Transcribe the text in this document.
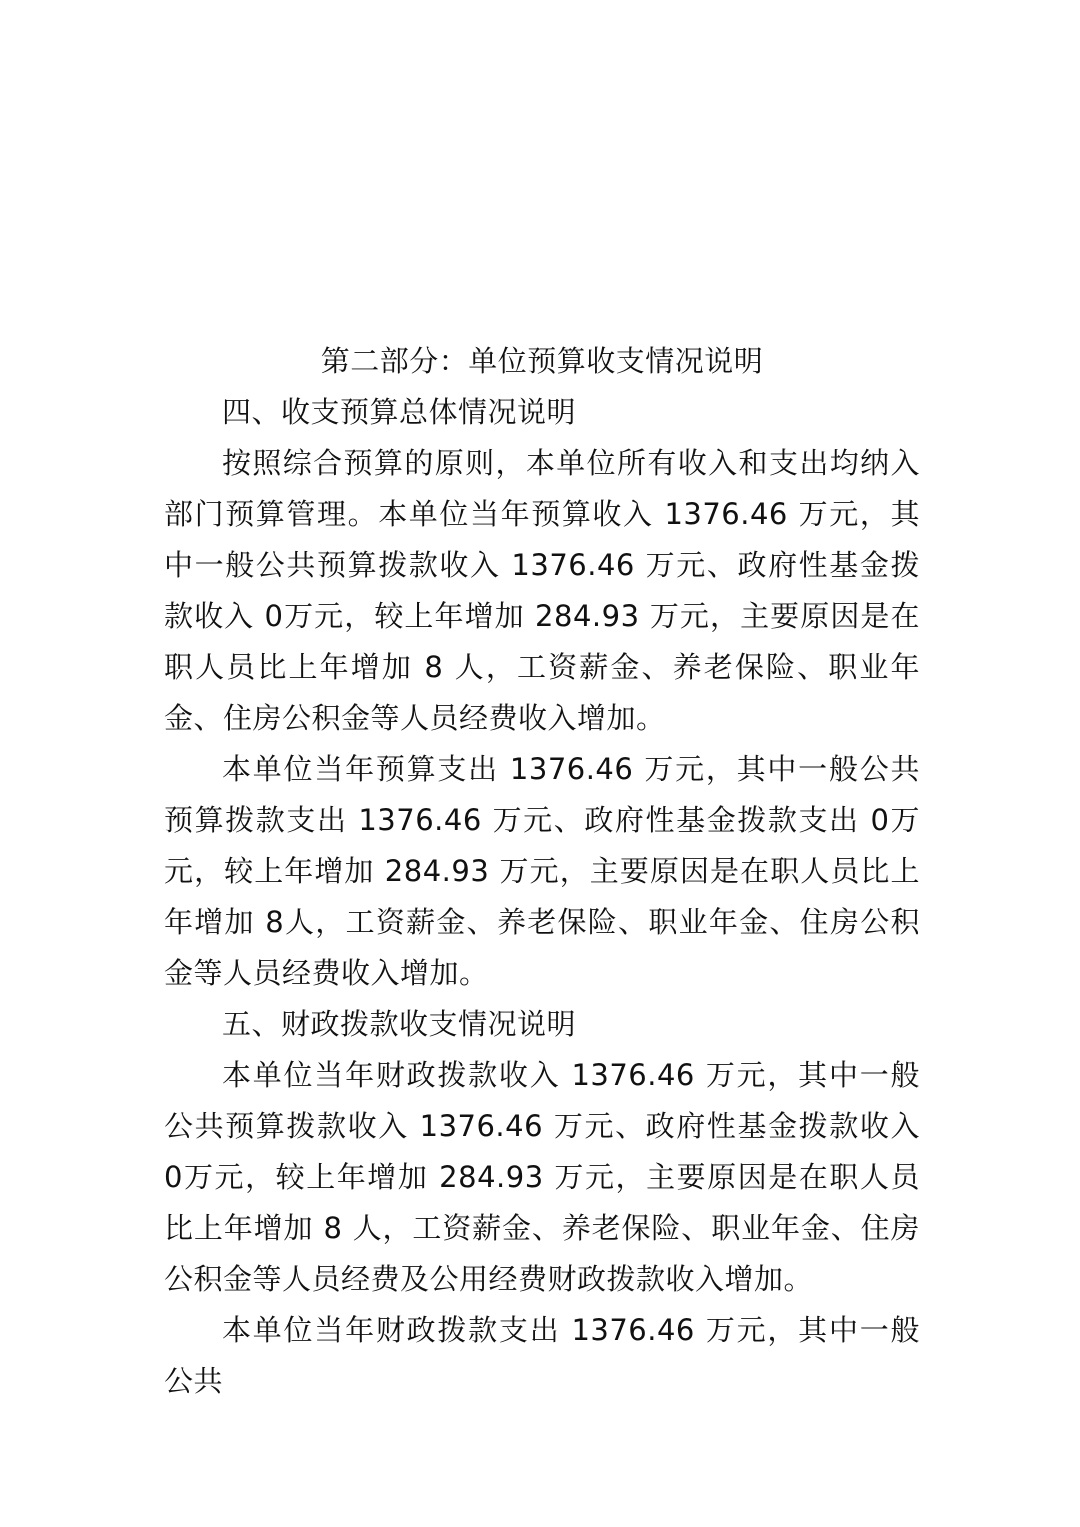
第二部分：单位预算收支情况说明

四、收支预算总体情况说明

按照综合预算的原则，本单位所有收入和支出均纳入部门预算管理。本单位当年预算收入 1376.46 万元，其中一般公共预算拨款收入 1376.46 万元、政府性基金拨款收入 0万元，较上年增加 284.93 万元，主要原因是在职人员比上年增加 8 人，工资薪金、养老保险、职业年金、住房公积金等人员经费收入增加。

本单位当年预算支出 1376.46 万元，其中一般公共预算拨款支出 1376.46 万元、政府性基金拨款支出 0万元，较上年增加 284.93 万元，主要原因是在职人员比上年增加 8人，工资薪金、养老保险、职业年金、住房公积金等人员经费收入增加。

五、财政拨款收支情况说明

本单位当年财政拨款收入 1376.46 万元，其中一般公共预算拨款收入 1376.46 万元、政府性基金拨款收入 0万元，较上年增加 284.93 万元，主要原因是在职人员比上年增加 8 人，工资薪金、养老保险、职业年金、住房公积金等人员经费及公用经费财政拨款收入增加。

本单位当年财政拨款支出 1376.46 万元，其中一般公共
